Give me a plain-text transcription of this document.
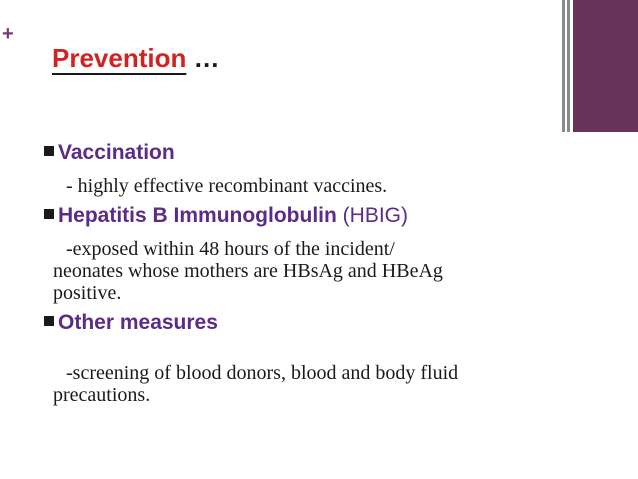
+
Prevention …
Vaccination
- highly effective recombinant vaccines.
Hepatitis B Immunoglobulin (HBIG)
-exposed within 48 hours of the incident/
neonates whose mothers are HBsAg and HBeAg
positive.
Other measures
-screening of blood donors, blood and body fluid
precautions.
